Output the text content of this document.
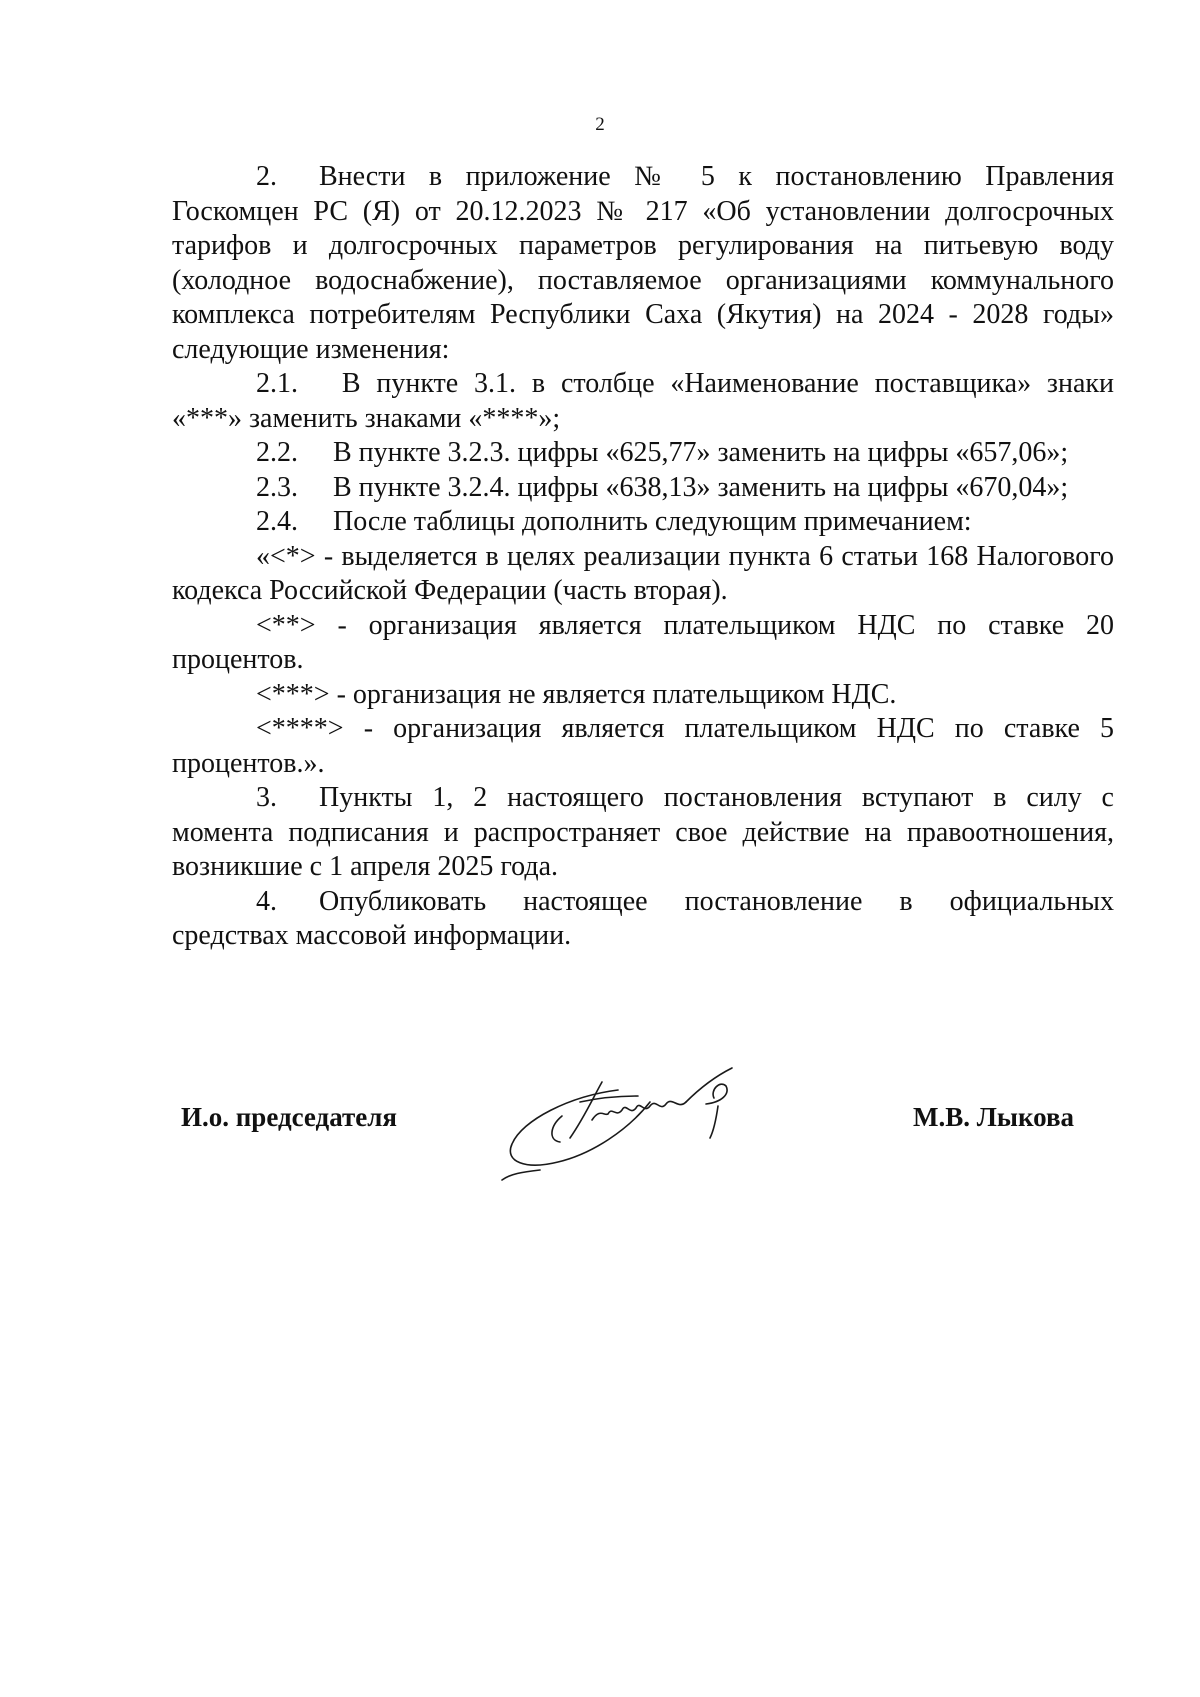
2

2.  Внести в приложение № 5 к постановлению Правления Госкомцен РС (Я) от 20.12.2023 № 217 «Об установлении долгосрочных тарифов и долгосрочных параметров регулирования на питьевую воду (холодное водоснабжение), поставляемое организациями коммунального комплекса потребителям Республики Саха (Якутия) на 2024 - 2028 годы» следующие изменения:

2.1.  В пункте 3.1. в столбце «Наименование поставщика» знаки «***» заменить знаками «****»;

2.2.  В пункте 3.2.3. цифры «625,77» заменить на цифры «657,06»;

2.3.  В пункте 3.2.4. цифры «638,13» заменить на цифры «670,04»;

2.4.  После таблицы дополнить следующим примечанием:

«<*> - выделяется в целях реализации пункта 6 статьи 168 Налогового кодекса Российской Федерации (часть вторая).

<**> - организация является плательщиком НДС по ставке 20 процентов.

<***> - организация не является плательщиком НДС.

<****> - организация является плательщиком НДС по ставке 5 процентов.».

3.  Пункты 1, 2 настоящего постановления вступают в силу с момента подписания и распространяет свое действие на правоотношения, возникшие с 1 апреля 2025 года.

4.  Опубликовать настоящее постановление в официальных средствах массовой информации.

И.о. председателя	М.В. Лыкова
